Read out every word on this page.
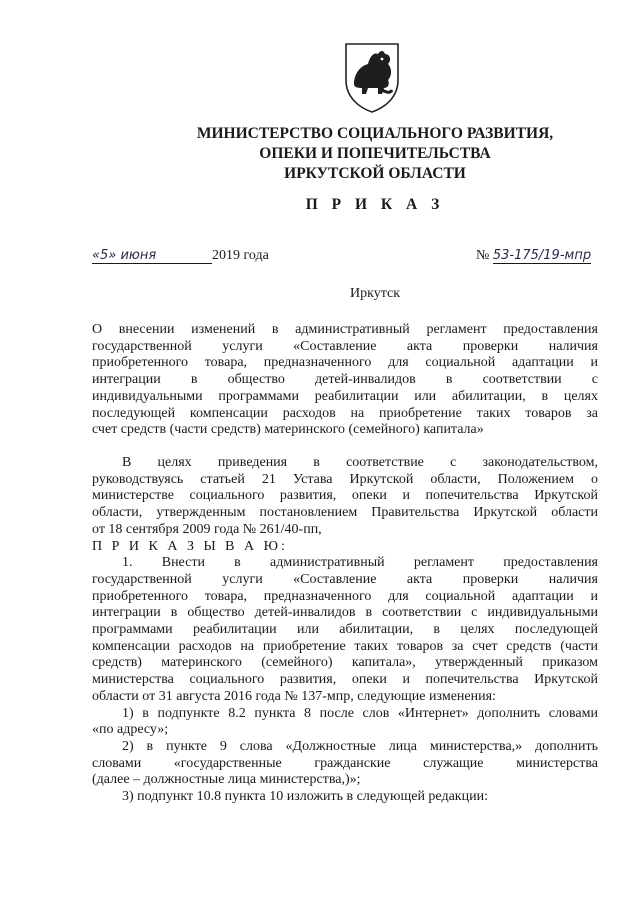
МИНИСТЕРСТВО СОЦИАЛЬНОГО РАЗВИТИЯ,
ОПЕКИ И ПОПЕЧИТЕЛЬСТВА
ИРКУТСКОЙ ОБЛАСТИ
П Р И К А З
«5» июня	2019 года	№ 53-175/19-мпр
Иркутск
О внесении изменений в административный регламент предоставления
государственной услуги «Составление акта проверки наличия
приобретенного товара, предназначенного для социальной адаптации и
интеграции в общество детей-инвалидов в соответствии с
индивидуальными программами реабилитации или абилитации, в целях
последующей компенсации расходов на приобретение таких товаров за
счет средств (части средств) материнского (семейного) капитала»
В целях приведения в соответствие с законодательством,
руководствуясь статьей 21 Устава Иркутской области, Положением о
министерстве социального развития, опеки и попечительства Иркутской
области, утвержденным постановлением Правительства Иркутской области
от 18 сентября 2009 года № 261/40-пп,
П Р И К А З Ы В А Ю:
1. Внести в административный регламент предоставления
государственной услуги «Составление акта проверки наличия
приобретенного товара, предназначенного для социальной адаптации и
интеграции в общество детей-инвалидов в соответствии с индивидуальными
программами реабилитации или абилитации, в целях последующей
компенсации расходов на приобретение таких товаров за счет средств (части
средств) материнского (семейного) капитала», утвержденный приказом
министерства социального развития, опеки и попечительства Иркутской
области от 31 августа 2016 года № 137-мпр, следующие изменения:
1) в подпункте 8.2 пункта 8 после слов «Интернет» дополнить словами
«по адресу»;
2) в пункте 9 слова «Должностные лица министерства,» дополнить
словами «государственные гражданские служащие министерства
(далее – должностные лица министерства,)»;
3) подпункт 10.8 пункта 10 изложить в следующей редакции:
